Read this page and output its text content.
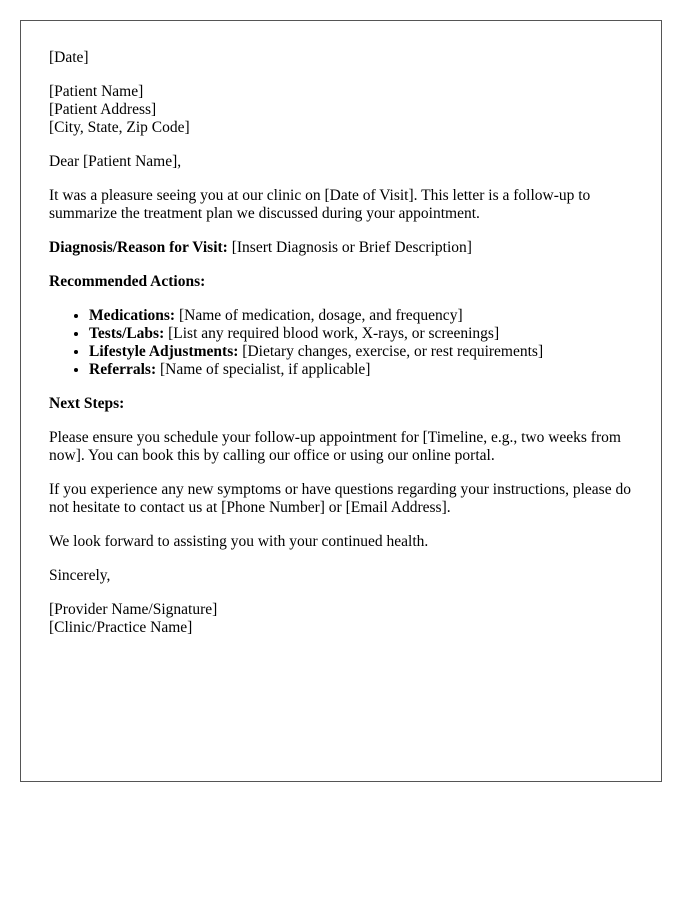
[Date]

[Patient Name]
[Patient Address]
[City, State, Zip Code]

Dear [Patient Name],

It was a pleasure seeing you at our clinic on [Date of Visit]. This letter is a follow-up to summarize the treatment plan we discussed during your appointment.

Diagnosis/Reason for Visit: [Insert Diagnosis or Brief Description]

Recommended Actions:

• Medications: [Name of medication, dosage, and frequency]
• Tests/Labs: [List any required blood work, X-rays, or screenings]
• Lifestyle Adjustments: [Dietary changes, exercise, or rest requirements]
• Referrals: [Name of specialist, if applicable]

Next Steps:

Please ensure you schedule your follow-up appointment for [Timeline, e.g., two weeks from now]. You can book this by calling our office or using our online portal.

If you experience any new symptoms or have questions regarding your instructions, please do not hesitate to contact us at [Phone Number] or [Email Address].

We look forward to assisting you with your continued health.

Sincerely,

[Provider Name/Signature]
[Clinic/Practice Name]
